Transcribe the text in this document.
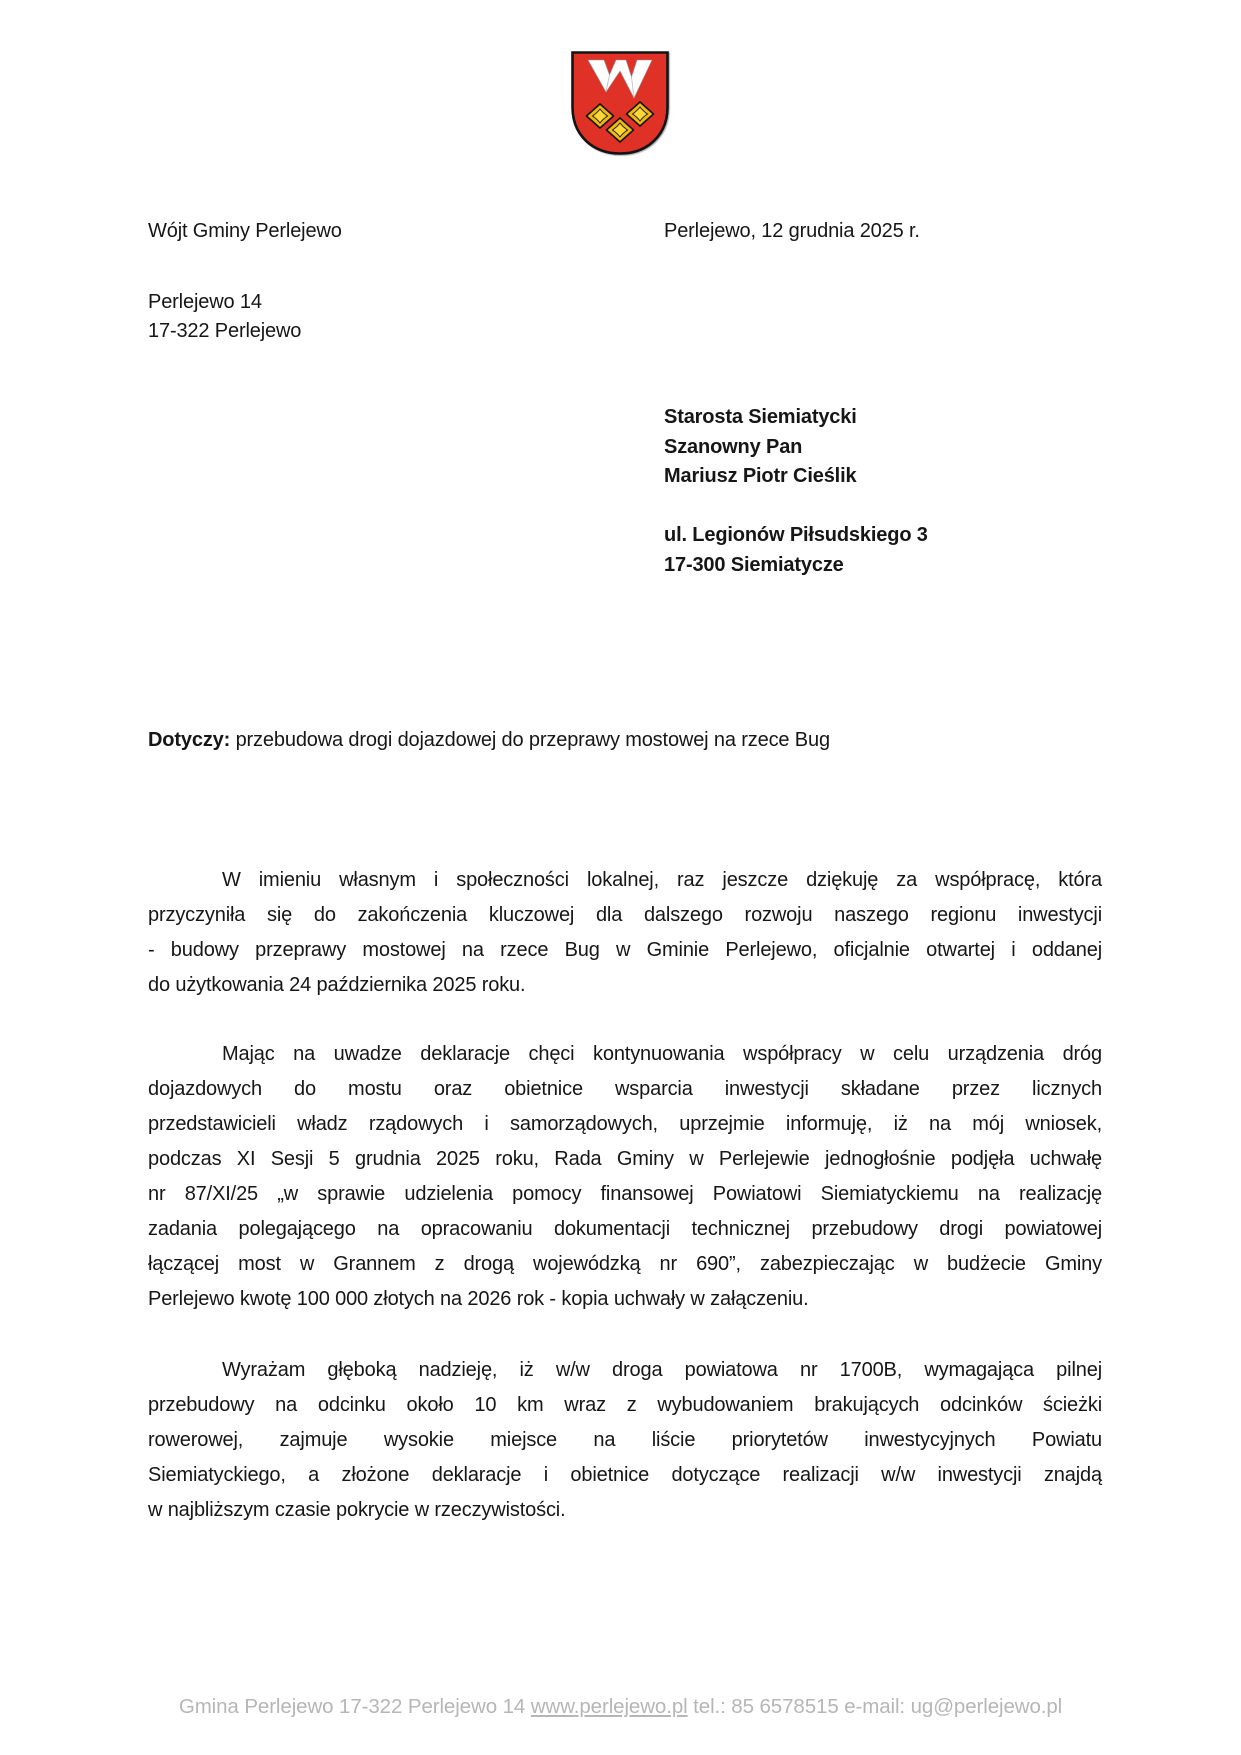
Wójt Gminy Perlejewo
Perlejewo 14
17-322 Perlejewo
Perlejewo, 12 grudnia 2025 r.
Starosta Siemiatycki
Szanowny Pan
Mariusz Piotr Cieślik
ul. Legionów Piłsudskiego 3
17-300 Siemiatycze
Dotyczy: przebudowa drogi dojazdowej do przeprawy mostowej na rzece Bug
W imieniu własnym i społeczności lokalnej, raz jeszcze dziękuję za współpracę, która
przyczyniła się do zakończenia kluczowej dla dalszego rozwoju naszego regionu inwestycji
- budowy przeprawy mostowej na rzece Bug w Gminie Perlejewo, oficjalnie otwartej i oddanej
do użytkowania 24 października 2025 roku.
Mając na uwadze deklaracje chęci kontynuowania współpracy w celu urządzenia dróg
dojazdowych do mostu oraz obietnice wsparcia inwestycji składane przez licznych
przedstawicieli władz rządowych i samorządowych, uprzejmie informuję, iż na mój wniosek,
podczas XI Sesji 5 grudnia 2025 roku, Rada Gminy w Perlejewie jednogłośnie podjęła uchwałę
nr 87/XI/25 „w sprawie udzielenia pomocy finansowej Powiatowi Siemiatyckiemu na realizację
zadania polegającego na opracowaniu dokumentacji technicznej przebudowy drogi powiatowej
łączącej most w Grannem z drogą wojewódzką nr 690”, zabezpieczając w budżecie Gminy
Perlejewo kwotę 100 000 złotych na 2026 rok - kopia uchwały w załączeniu.
Wyrażam głęboką nadzieję, iż w/w droga powiatowa nr 1700B, wymagająca pilnej
przebudowy na odcinku około 10 km wraz z wybudowaniem brakujących odcinków ścieżki
rowerowej, zajmuje wysokie miejsce na liście priorytetów inwestycyjnych Powiatu
Siemiatyckiego, a złożone deklaracje i obietnice dotyczące realizacji w/w inwestycji znajdą
w najbliższym czasie pokrycie w rzeczywistości.
Gmina Perlejewo 17-322 Perlejewo 14 www.perlejewo.pl tel.: 85 6578515 e-mail: ug@perlejewo.pl
